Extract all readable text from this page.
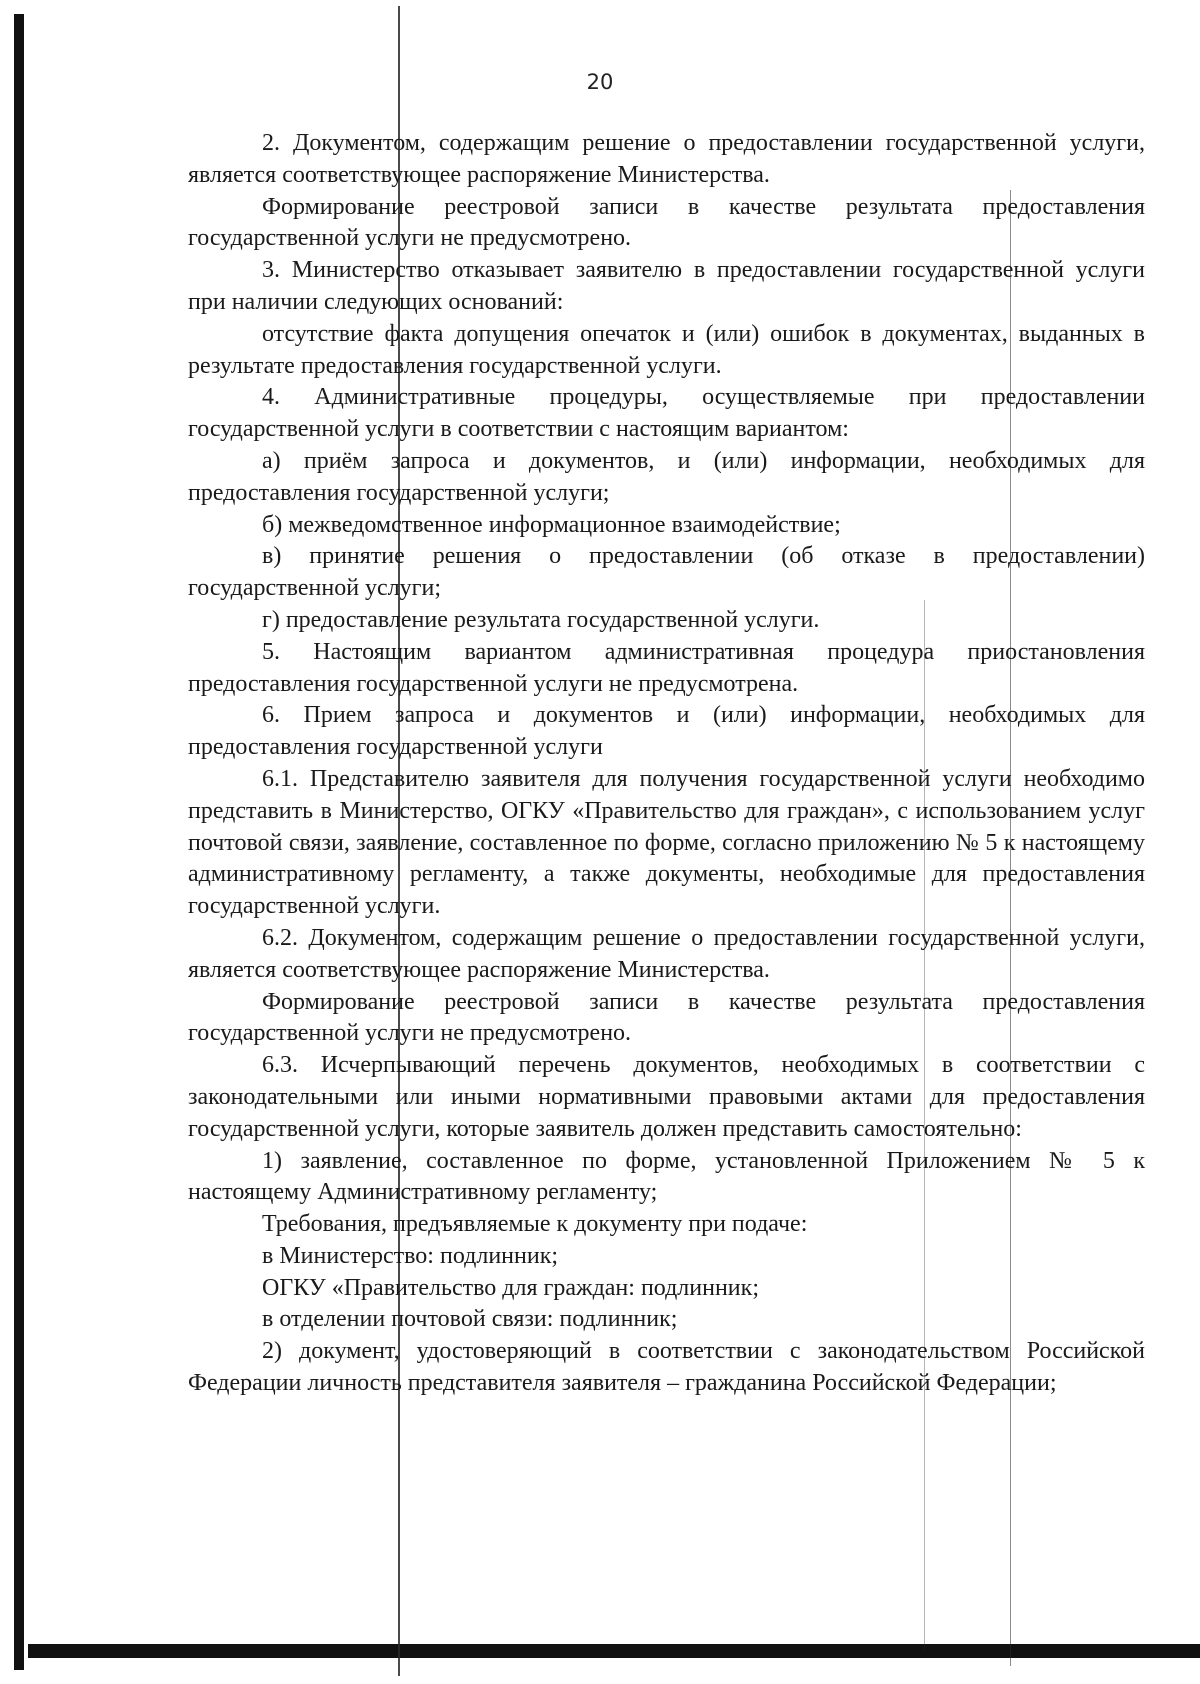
20

2. Документом, содержащим решение о предоставлении государственной услуги, является соответствующее распоряжение Министерства.

Формирование реестровой записи в качестве результата предоставления государственной услуги не предусмотрено.

3. Министерство отказывает заявителю в предоставлении государственной услуги при наличии следующих оснований:

отсутствие факта допущения опечаток и (или) ошибок в документах, выданных в результате предоставления государственной услуги.

4. Административные процедуры, осуществляемые при предоставлении государственной услуги в соответствии с настоящим вариантом:

а) приём запроса и документов, и (или) информации, необходимых для предоставления государственной услуги;

б) межведомственное информационное взаимодействие;

в) принятие решения о предоставлении (об отказе в предоставлении) государственной услуги;

г) предоставление результата государственной услуги.

5. Настоящим вариантом административная процедура приостановления предоставления государственной услуги не предусмотрена.

6. Прием запроса и документов и (или) информации, необходимых для предоставления государственной услуги

6.1. Представителю заявителя для получения государственной услуги необходимо представить в Министерство, ОГКУ «Правительство для граждан», с использованием услуг почтовой связи, заявление, составленное по форме, согласно приложению № 5 к настоящему административному регламенту, а также документы, необходимые для предоставления государственной услуги.

6.2. Документом, содержащим решение о предоставлении государственной услуги, является соответствующее распоряжение Министерства.

Формирование реестровой записи в качестве результата предоставления государственной услуги не предусмотрено.

6.3. Исчерпывающий перечень документов, необходимых в соответствии с законодательными или иными нормативными правовыми актами для предоставления государственной услуги, которые заявитель должен представить самостоятельно:

1) заявление, составленное по форме, установленной Приложением № 5 к настоящему Административному регламенту;

Требования, предъявляемые к документу при подаче:

в Министерство: подлинник;

ОГКУ «Правительство для граждан: подлинник;

в отделении почтовой связи: подлинник;

2) документ, удостоверяющий в соответствии с законодательством Российской Федерации личность представителя заявителя – гражданина Российской Федерации;
